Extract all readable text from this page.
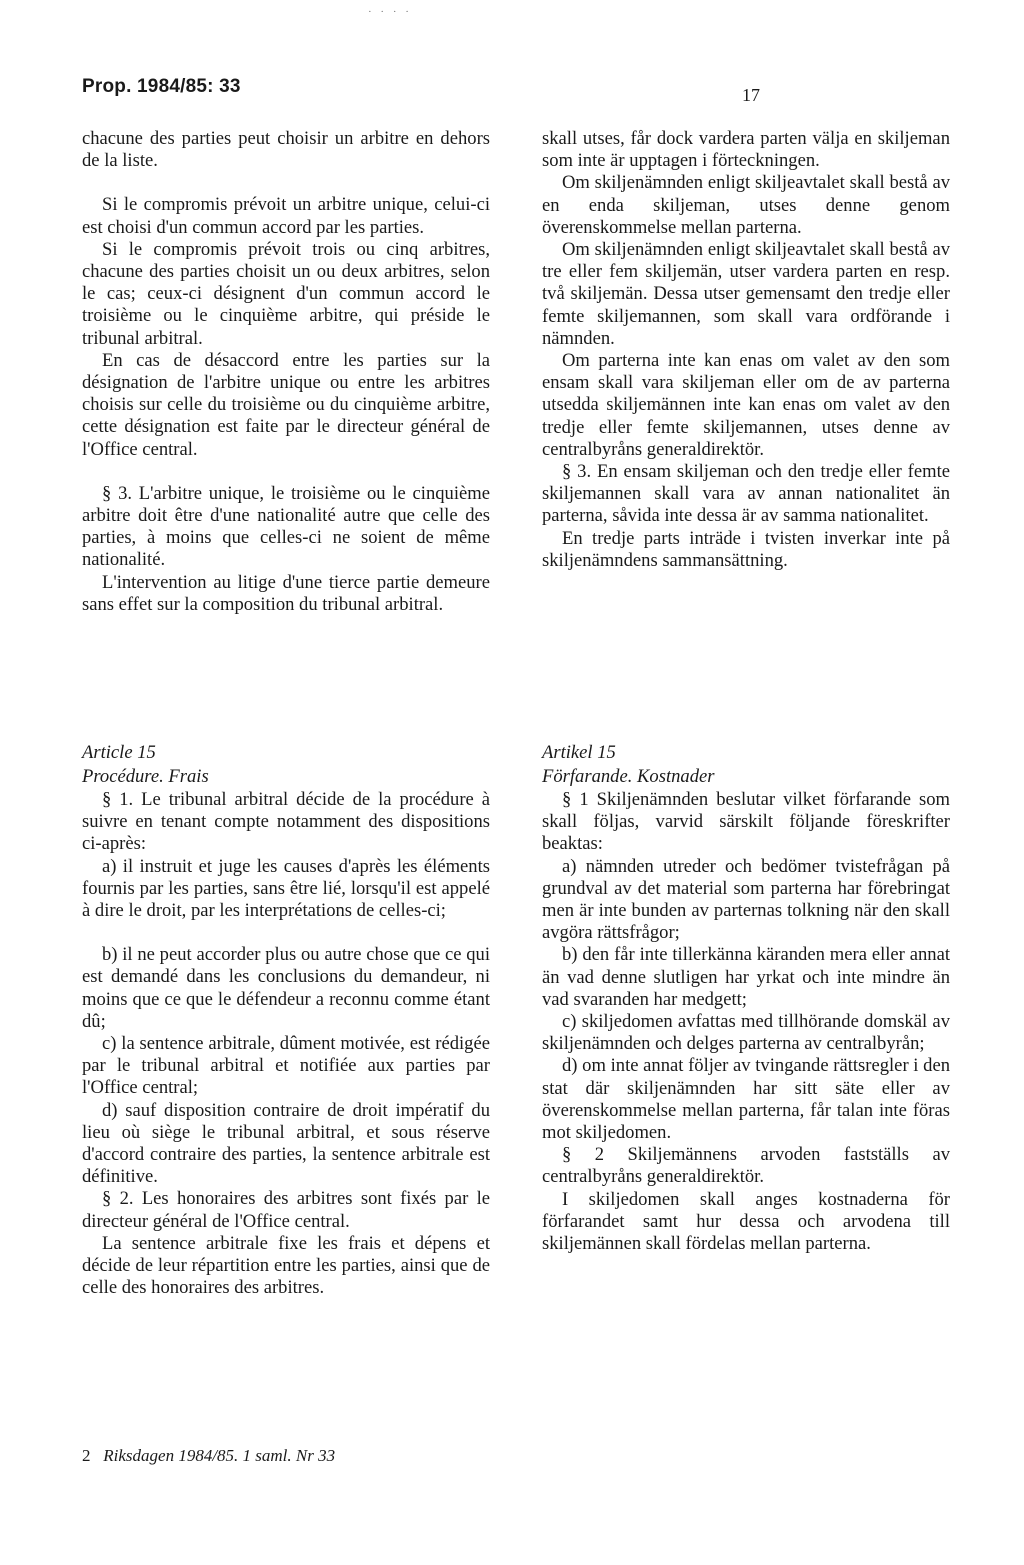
· · · ·
Prop. 1984/85: 33	17

chacune des parties peut choisir un arbitre en dehors de la liste.

Si le compromis prévoit un arbitre unique, celui-ci est choisi d'un commun accord par les parties.

Si le compromis prévoit trois ou cinq arbitres, chacune des parties choisit un ou deux arbitres, selon le cas; ceux-ci désignent d'un commun accord le troisième ou le cinquième arbitre, qui préside le tribunal arbitral.

En cas de désaccord entre les parties sur la désignation de l'arbitre unique ou entre les arbitres choisis sur celle du troisième ou du cinquième arbitre, cette désignation est faite par le directeur général de l'Office central.

§ 3. L'arbitre unique, le troisième ou le cinquième arbitre doit être d'une nationalité autre que celle des parties, à moins que celles-ci ne soient de même nationalité.

L'intervention au litige d'une tierce partie demeure sans effet sur la composition du tribunal arbitral.

skall utses, får dock vardera parten välja en skiljeman som inte är upptagen i förteckningen.

Om skiljenämnden enligt skiljeavtalet skall bestå av en enda skiljeman, utses denne genom överenskommelse mellan parterna.

Om skiljenämnden enligt skiljeavtalet skall bestå av tre eller fem skiljemän, utser vardera parten en resp. två skiljemän. Dessa utser gemensamt den tredje eller femte skiljemannen, som skall vara ordförande i nämnden.

Om parterna inte kan enas om valet av den som ensam skall vara skiljeman eller om de av parterna utsedda skiljemännen inte kan enas om valet av den tredje eller femte skiljemannen, utses denne av centralbyråns generaldirektör.

§ 3. En ensam skiljeman och den tredje eller femte skiljemannen skall vara av annan nationalitet än parterna, såvida inte dessa är av samma nationalitet.

En tredje parts inträde i tvisten inverkar inte på skiljenämndens sammansättning.

Article 15

Procédure. Frais

§ 1. Le tribunal arbitral décide de la procédure à suivre en tenant compte notamment des dispositions ci-après:

a) il instruit et juge les causes d'après les éléments fournis par les parties, sans être lié, lorsqu'il est appelé à dire le droit, par les interprétations de celles-ci;

b) il ne peut accorder plus ou autre chose que ce qui est demandé dans les conclusions du demandeur, ni moins que ce que le défendeur a reconnu comme étant dû;

c) la sentence arbitrale, dûment motivée, est rédigée par le tribunal arbitral et notifiée aux parties par l'Office central;

d) sauf disposition contraire de droit impératif du lieu où siège le tribunal arbitral, et sous réserve d'accord contraire des parties, la sentence arbitrale est définitive.

§ 2. Les honoraires des arbitres sont fixés par le directeur général de l'Office central.

La sentence arbitrale fixe les frais et dépens et décide de leur répartition entre les parties, ainsi que de celle des honoraires des arbitres.

Artikel 15

Förfarande. Kostnader

§ 1 Skiljenämnden beslutar vilket förfarande som skall följas, varvid särskilt följande föreskrifter beaktas:

a) nämnden utreder och bedömer tvistefrågan på grundval av det material som parterna har förebringat men är inte bunden av parternas tolkning när den skall avgöra rättsfrågor;

b) den får inte tillerkänna käranden mera eller annat än vad denne slutligen har yrkat och inte mindre än vad svaranden har medgett;

c) skiljedomen avfattas med tillhörande domskäl av skiljenämnden och delges parterna av centralbyrån;

d) om inte annat följer av tvingande rättsregler i den stat där skiljenämnden har sitt säte eller av överenskommelse mellan parterna, får talan inte föras mot skiljedomen.

§ 2 Skiljemännens arvoden fastställs av centralbyråns generaldirektör.

I skiljedomen skall anges kostnaderna för förfarandet samt hur dessa och arvodena till skiljemännen skall fördelas mellan parterna.

2 Riksdagen 1984/85. 1 saml. Nr 33
